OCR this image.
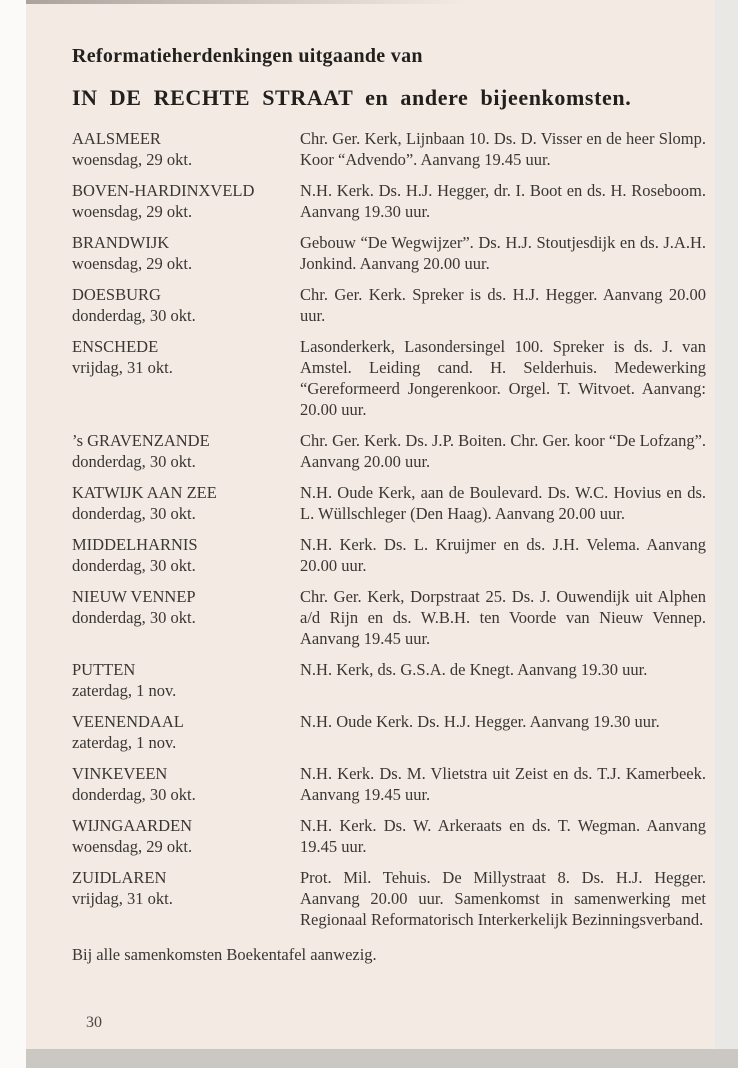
Reformatieherdenkingen uitgaande van
IN DE RECHTE STRAAT en andere bijeenkomsten.
AALSMEER
woensdag, 29 okt.
Chr. Ger. Kerk, Lijnbaan 10. Ds. D. Visser en de heer Slomp. Koor “Advendo”. Aanvang 19.45 uur.
BOVEN-HARDINXVELD
woensdag, 29 okt.
N.H. Kerk. Ds. H.J. Hegger, dr. I. Boot en ds. H. Roseboom. Aanvang 19.30 uur.
BRANDWIJK
woensdag, 29 okt.
Gebouw “De Wegwijzer”. Ds. H.J. Stoutjesdijk en ds. J.A.H. Jonkind. Aanvang 20.00 uur.
DOESBURG
donderdag, 30 okt.
Chr. Ger. Kerk. Spreker is ds. H.J. Hegger. Aanvang 20.00 uur.
ENSCHEDE
vrijdag, 31 okt.
Lasonderkerk, Lasondersingel 100. Spreker is ds. J. van Amstel. Leiding cand. H. Selderhuis. Medewerking “Gereformeerd Jongerenkoor. Orgel. T. Witvoet. Aanvang: 20.00 uur.
’s GRAVENZANDE
donderdag, 30 okt.
Chr. Ger. Kerk. Ds. J.P. Boiten. Chr. Ger. koor “De Lofzang”. Aanvang 20.00 uur.
KATWIJK AAN ZEE
donderdag, 30 okt.
N.H. Oude Kerk, aan de Boulevard. Ds. W.C. Hovius en ds. L. Wüllschleger (Den Haag). Aanvang 20.00 uur.
MIDDELHARNIS
donderdag, 30 okt.
N.H. Kerk. Ds. L. Kruijmer en ds. J.H. Velema. Aanvang 20.00 uur.
NIEUW VENNEP
donderdag, 30 okt.
Chr. Ger. Kerk, Dorpstraat 25. Ds. J. Ouwendijk uit Alphen a/d Rijn en ds. W.B.H. ten Voorde van Nieuw Vennep. Aanvang 19.45 uur.
PUTTEN
zaterdag, 1 nov.
N.H. Kerk, ds. G.S.A. de Knegt. Aanvang 19.30 uur.
VEENENDAAL
zaterdag, 1 nov.
N.H. Oude Kerk. Ds. H.J. Hegger. Aanvang 19.30 uur.
VINKEVEEN
donderdag, 30 okt.
N.H. Kerk. Ds. M. Vlietstra uit Zeist en ds. T.J. Kamerbeek. Aanvang 19.45 uur.
WIJNGAARDEN
woensdag, 29 okt.
N.H. Kerk. Ds. W. Arkeraats en ds. T. Wegman. Aanvang 19.45 uur.
ZUIDLAREN
vrijdag, 31 okt.
Prot. Mil. Tehuis. De Millystraat 8. Ds. H.J. Hegger. Aanvang 20.00 uur. Samenkomst in samenwerking met Regionaal Reformatorisch Interkerkelijk Bezinningsverband.

Bij alle samenkomsten Boekentafel aanwezig.

30
